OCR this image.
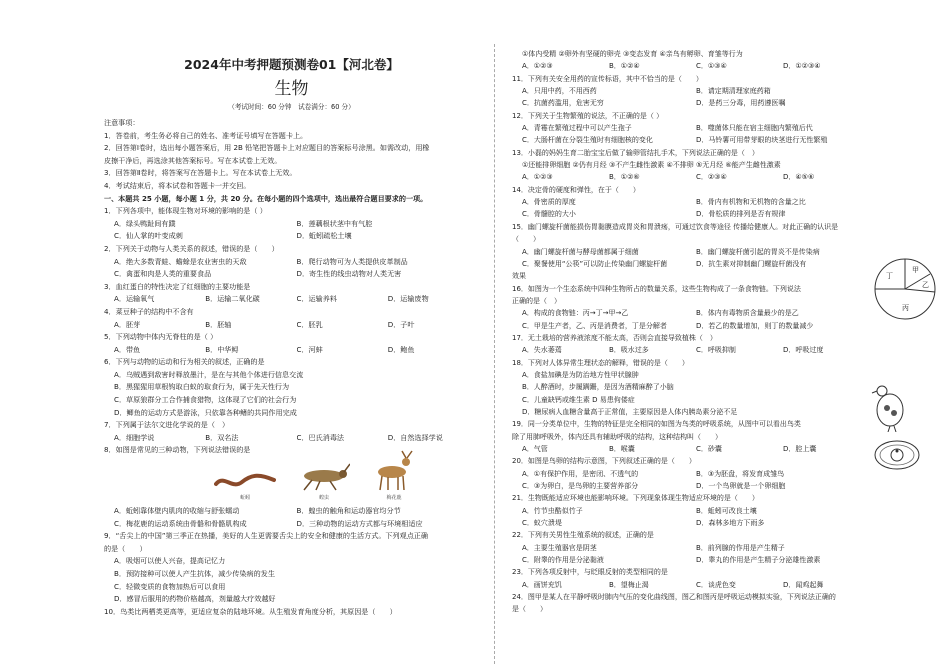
2024年中考押题预测卷01【河北卷】
生物
（考试时间：60 分钟　试卷满分：60 分）
注意事项：
1．答卷前，考生务必将自己的姓名、准考证号填写在答题卡上。
2．回答第Ⅰ卷时，选出每小题答案后，用 2B 铅笔把答题卡上对应题目的答案标号涂黑。如需改动，用橡
皮擦干净后，再选涂其他答案标号。写在本试卷上无效。
3．回答第Ⅱ卷时，将答案写在答题卡上。写在本试卷上无效。
4．考试结束后，将本试卷和答题卡一并交回。
一、本题共 25 小题，每小题 1 分，共 20 分。在每小题的四个选项中，选出最符合题目要求的一项。
1．下列各项中，能体现生物对环境的影响的是（ ）
A．绿头鸭趾间有蹼	B．莲藕根状茎中有气腔
C．仙人掌的叶变成刺	D．蚯蚓疏松土壤
2．下列关于动物与人类关系的叙述，错误的是（　　）
A．绝大多数青蛙、蟾蜍是农业害虫的天敌	B．爬行动物可为人类提供皮革制品
C．禽蛋和肉是人类的重要食品	D．寄生性的线虫动物对人类无害
3．血红蛋白的特性决定了红细胞的主要功能是
A．运输氧气	B．运输二氧化碳	C．运输养料	D．运输废物
4．菜豆种子的结构中不含有
A．胚芽	B．胚轴	C．胚乳	D．子叶
5．下列动物中体内无脊柱的是（ ）
A．带鱼	B．中华鲟	C．河蚌	D．鲍鱼
6．下列与动物的运动和行为相关的叙述，正确的是
A．乌贼遇到敌害时释放墨汁，是在与其他个体进行信息交流
B．黑猩猩用草根钩取白蚁的取食行为，属于先天性行为
C．草原狼群分工合作捕食猎物，这体现了它们的社会行为
D．鲫鱼的运动方式是游泳，只依靠各种鳍的共同作用完成
7．下列属于法尔文进化学说的是（　）
A．细胞学说	B．双名法	C．巴氏消毒法	D．自然选择学说
8．如图是常见的三种动物，下列说法错误的是
蚯蚓	蝗虫	梅花鹿
A．蚯蚓靠体壁内肌肉的收缩与舒张蠕动	B．蝗虫的触角和运动器官均分节
C．梅花鹿的运动系统由骨骼和骨骼肌构成	D．三种动物的运动方式都与环境相适应
9．“舌尖上的中国”第三季正在热播，美好的人生更需要舌尖上的安全和健康的生活方式。下列观点正确
的是（　　）
A．吸烟可以使人兴奋，提高记忆力
B．预防接种可以使人产生抗体，减少传染病的发生
C．轻微变质的食物加热后可以食用
D．感冒后服用的药物价格越高，剂量越大疗效越好
10．鸟类比两栖类更高等，更适应复杂的陆地环境。从生殖发育角度分析，其原因是（　　）
①体内受精 ②卵外有坚硬的卵壳 ③变态发育 ④亲鸟有孵卵、育雏等行为
A．①②③	B．①②④	C．①③④	D．①②③④
11．下列有关安全用药的宣传标语，其中不恰当的是（　　）
A．只用中药，不用西药	B．请定期清理家庭药箱
C．抗菌药滥用，危害无穷	D．是药三分毒，用药遵医嘱
12．下列关于生物繁殖的说法，不正确的是（ ）
A．青霉在繁殖过程中可以产生孢子	B．噬菌体只能在宿主细胞内繁殖后代
C．大肠杆菌在分裂生殖时有细胞核的变化	D．马铃薯可用带芽眼的块茎进行无性繁殖
13．小磊的妈妈生育二胎宝宝后做了输卵管结扎手术，下列说法正确的是（　）
①还能排卵细胞 ②仍有月经 ③不产生雌性激素 ④不排卵 ⑤无月经 ⑥能产生雌性激素
A．①②③	B．①②⑥	C．②③④	D．④⑤⑥
14．决定骨的硬度和弹性，在于（　　）
A．骨密质的厚度	B．骨内有机物和无机物的含量之比
C．骨髓腔的大小	D．骨松质的排列是否有规律
15．幽门螺旋杆菌能损伤胃黏膜造成胃炎和胃溃疡，可通过饮食等途径 传播给健康人。对此正确的认识是
（　　）
A．幽门螺旋杆菌与酵母菌都属于细菌	B．幽门螺旋杆菌引起的胃炎不是传染病
C．聚餐使用“公筷”可以防止传染幽门螺旋杆菌	D．抗生素对抑制幽门螺旋杆菌没有
效果
16．如图为一个生态系统中四种生物所占的数量关系，这些生物构成了一条食物链。下列说法
正确的是（　）
A．构成的食物链：丙→丁→甲→乙	B．体内有毒物质含量最少的是乙
C．甲是生产者，乙、丙是消费者，丁是分解者	D．若乙的数量增加，则丁的数量减少
17．无土栽培的营养液浓度不能太高，否则会直接导致植株（　）
A．失水萎蔫	B．吸水过多	C．呼吸抑制	D．呼吸过度
18．下列对人体异常生理状态的解释，错误的是（　　）
A．食盐加碘是为防治地方性甲状腺肿
B．人醉酒时，步履蹒跚，是因为酒精麻醉了小脑
C．儿童缺钙或维生素 D 易患佝偻症
D．糖尿病人血糖含量高于正常值，主要原因是人体内胰岛素分泌不足
19．同一分类单位中，生物的特征是完全相同的如图为鸟类的呼吸系统，从图中可以看出鸟类
除了用肺呼吸外，体内还具有辅助呼吸的结构，这种结构叫（　　）
A．气管	B．喉囊	C．砂囊	D．腔上囊
20．如图是鸟卵的结构示意图，下列叙述正确的是（　　）
A．①有保护作用，是密闭、不透气的	B．③为胚盘，将发育成雏鸟
C．③为卵白，是鸟卵的主要营养部分	D．一个鸟卵就是一个卵细胞
21．生物既能适应环境也能影响环境。下列现象体现生物适应环境的是（　　）
A．竹节虫酷似竹子	B．蚯蚓可改良土壤
C．蚁穴溃堤	D．森林多地方下雨多
22．下列有关男性生殖系统的叙述，正确的是
A．主要生殖器官是阴茎	B．前列腺的作用是产生精子
C．附睾的作用是分泌黏液	D．睾丸的作用是产生精子分泌雄性激素
23．下列各项反射中，与眨眼反射的类型相同的是
A．画饼充饥	B．望梅止渴	C．谈虎色变	D．闻鸡起舞
24．图甲是某人在平静呼吸时肺内气压的变化曲线图，图乙和图丙是呼吸运动模拟实验，下列说法正确的
是（　　）
甲
乙
丙
丁
